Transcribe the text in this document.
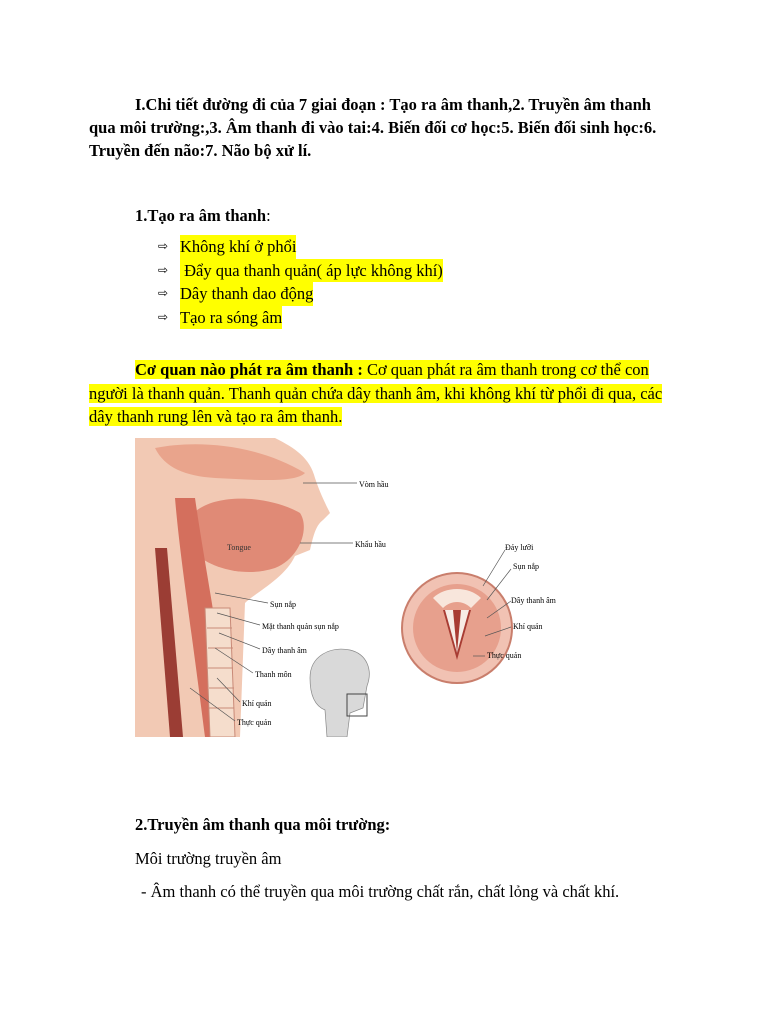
I.Chi tiết đường đi của 7 giai đoạn : Tạo ra âm thanh,2. Truyền âm thanh qua môi trường:,3. Âm thanh đi vào tai:4. Biến đối cơ học:5. Biến đối sinh học:6. Truyền đến não:7. Não bộ xử lí.
1.Tạo ra âm thanh:
⇨ Không khí ở phổi
⇨ Đẩy qua thanh quản( áp lực không khí)
⇨ Dây thanh dao động
⇨ Tạo ra sóng âm
Cơ quan nào phát ra âm thanh : Cơ quan phát ra âm thanh trong cơ thể con người là thanh quản. Thanh quản chứa dây thanh âm, khi không khí từ phổi đi qua, các dây thanh rung lên và tạo ra âm thanh.
Vòm hầu
Tongue	Khẩu hầu
Sụn nắp
Mặt thanh quản sụn nắp
Dây thanh âm
Thanh môn
Khí quản
Thực quản
Đáy lưỡi
Sụn nắp
Dây thanh âm
Khí quản
Thực quản
2.Truyền âm thanh qua môi trường:
Môi trường truyền âm
- Âm thanh có thể truyền qua môi trường chất rắn, chất lỏng và chất khí.
